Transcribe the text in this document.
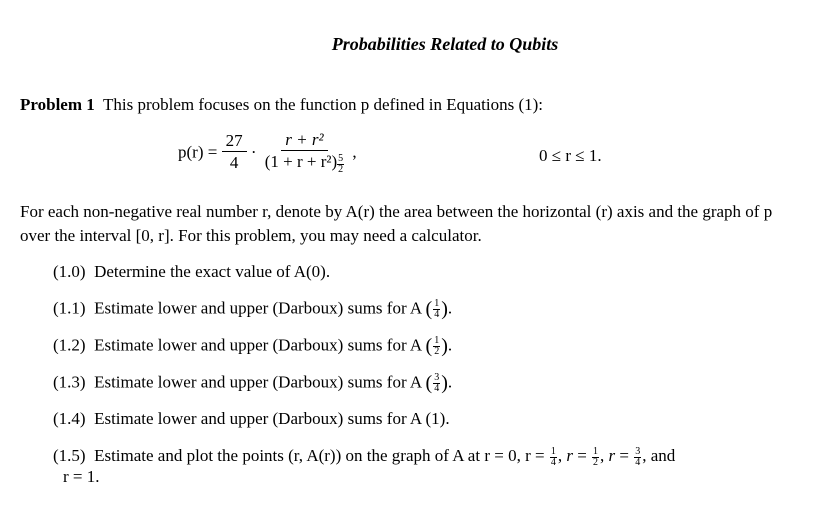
Probabilities Related to Qubits
Problem 1 This problem focuses on the function p defined in Equations (1):
$p(r) = \frac{27}{4} \cdot \frac{\text{r + r²}}{(1 + r + r^2) \frac{5}{2}}$ ,	0 ≤ r ≤ 1.
For each non-negative real number r, denote by A(r) the area between the horizontal (r) axis and the graph of p over the interval [0, r]. For this problem, you may need a calculator.
(1.0) Determine the exact value of A(0).
(1.1) Estimate lower and upper (Darboux) sums for A ( $\frac{1}{4}$ ).
(1.2) Estimate lower and upper (Darboux) sums for A ( $\frac{1}{2}$ ).
(1.3) Estimate lower and upper (Darboux) sums for A ( $\frac{3}{4}$ ).
(1.4) Estimate lower and upper (Darboux) sums for A (1).
(1.5) Estimate and plot the points (r, A(r)) on the graph of A at r = 0, $r = \frac{1}{4}$ , $r = \frac{1}{2}$ , $r = \frac{3}{4}$ , and
r = 1.
